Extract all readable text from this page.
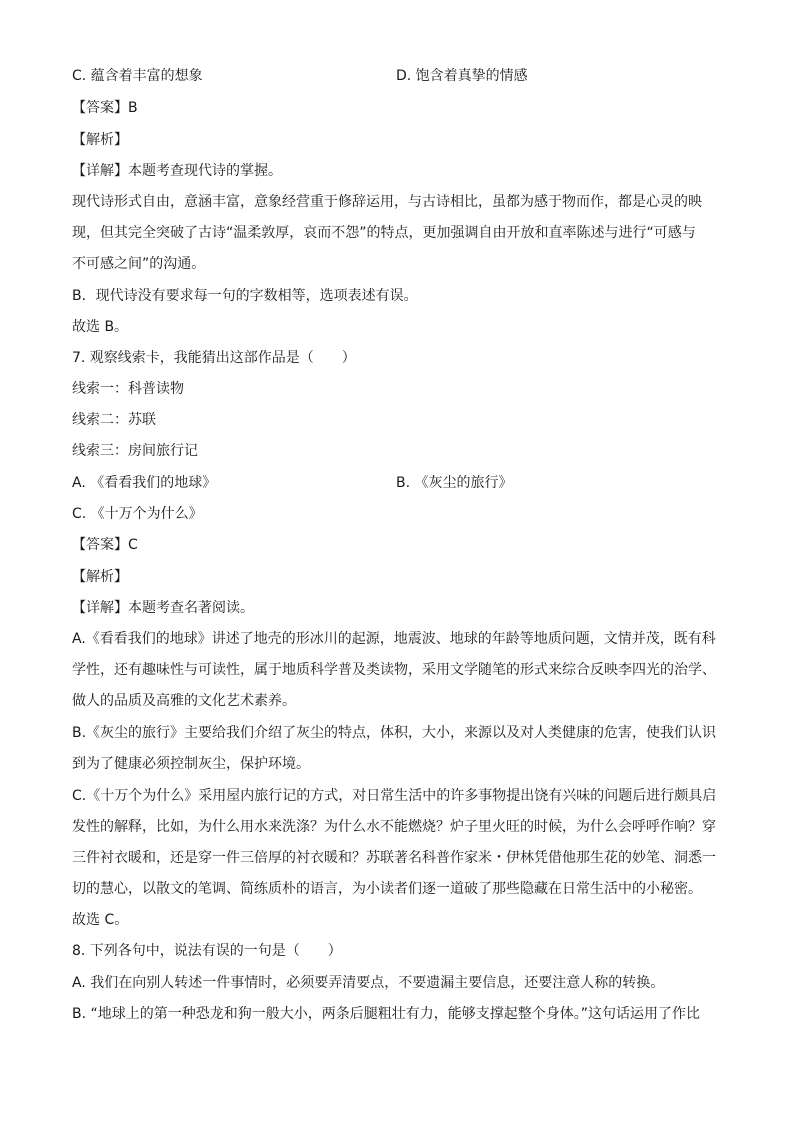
C. 蕴含着丰富的想象	D. 饱含着真挚的情感
【答案】B
【解析】
【详解】本题考查现代诗的掌握。
现代诗形式自由，意涵丰富，意象经营重于修辞运用，与古诗相比，虽都为感于物而作，都是心灵的映
现，但其完全突破了古诗“温柔敦厚，哀而不怨”的特点，更加强调自由开放和直率陈述与进行“可感与
不可感之间”的沟通。
B．现代诗没有要求每一句的字数相等，选项表述有误。
故选 B。
7. 观察线索卡，我能猜出这部作品是（　　）
线索一：科普读物
线索二：苏联
线索三：房间旅行记
A. 《看看我们的地球》	B. 《灰尘的旅行》
C. 《十万个为什么》
【答案】C
【解析】
【详解】本题考查名著阅读。
A.《看看我们的地球》讲述了地壳的形冰川的起源，地震波、地球的年龄等地质问题，文情并茂，既有科
学性，还有趣味性与可读性，属于地质科学普及类读物，采用文学随笔的形式来综合反映李四光的治学、
做人的品质及高雅的文化艺术素养。
B.《灰尘的旅行》主要给我们介绍了灰尘的特点，体积，大小，来源以及对人类健康的危害，使我们认识
到为了健康必须控制灰尘，保护环境。
C.《十万个为什么》采用屋内旅行记的方式，对日常生活中的许多事物提出饶有兴味的问题后进行颇具启
发性的解释，比如，为什么用水来洗涤？为什么水不能燃烧？炉子里火旺的时候，为什么会呼呼作响？穿
三件衬衣暖和，还是穿一件三倍厚的衬衣暖和？苏联著名科普作家米・伊林凭借他那生花的妙笔、洞悉一
切的慧心，以散文的笔调、简练质朴的语言，为小读者们逐一道破了那些隐藏在日常生活中的小秘密。
故选 C。
8. 下列各句中，说法有误的一句是（　　）
A. 我们在向别人转述一件事情时，必须要弄清要点，不要遗漏主要信息，还要注意人称的转换。
B. “地球上的第一种恐龙和狗一般大小，两条后腿粗壮有力，能够支撑起整个身体。”这句话运用了作比
